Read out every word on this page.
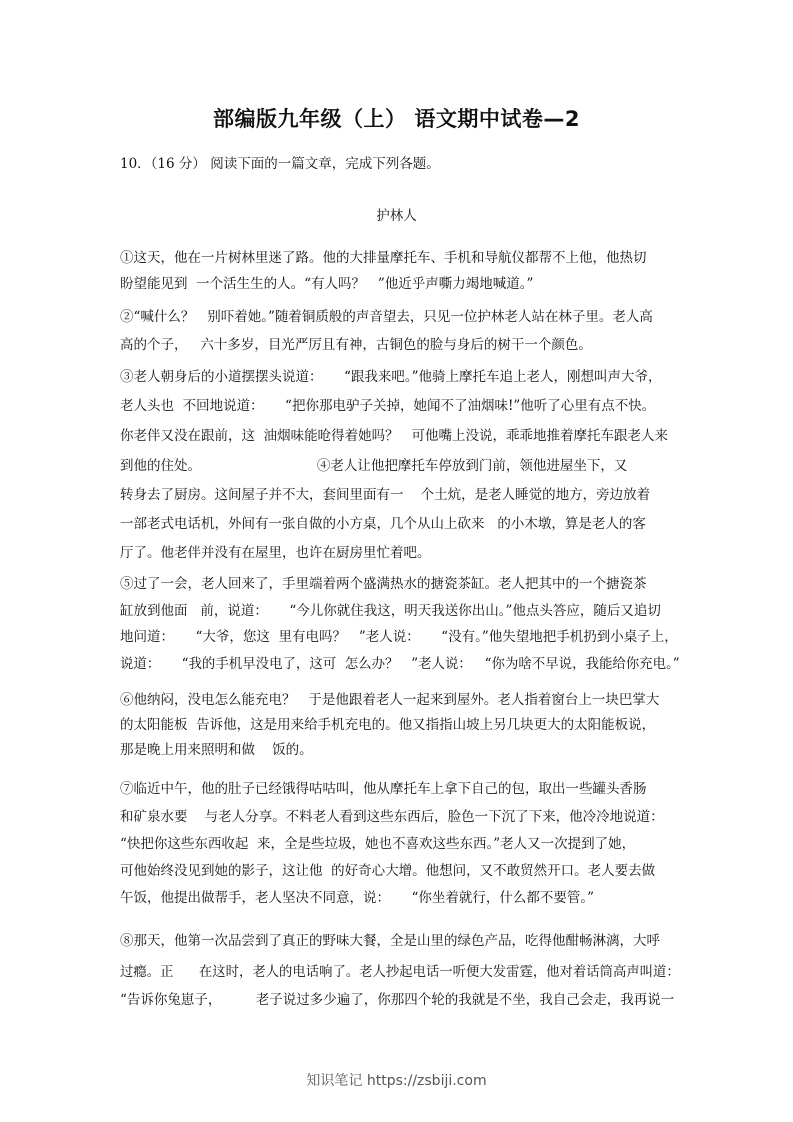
部编版九年级（上） 语文期中试卷—2
10．（16 分） 阅读下面的一篇文章，完成下列各题。
护林人
①这天，他在一片树林里迷了路。他的大排量摩托车、手机和导航仪都帮不上他，他热切
盼望能见到  一个活生生的人。“有人吗？   ”他近乎声嘶力竭地喊道。”
②“喊什么？   别吓着她。”随着铜质般的声音望去，只见一位护林老人站在林子里。老人高
高的个子，   六十多岁，目光严厉且有神，古铜色的脸与身后的树干一个颜色。
③老人朝身后的小道摆摆头说道：     “跟我来吧。”他骑上摩托车追上老人，刚想叫声大爷，
老人头也  不回地说道：     “把你那电驴子关掉，她闻不了油烟味!”他听了心里有点不快。
你老伴又没在跟前，这  油烟味能呛得着她吗？   可他嘴上没说，乖乖地推着摩托车跟老人来
到他的住处。                           ④老人让他把摩托车停放到门前，领他进屋坐下，又
转身去了厨房。这间屋子并不大，套间里面有一    个土炕，是老人睡觉的地方，旁边放着
一部老式电话机，外间有一张自做的小方桌，几个从山上砍来   的小木墩，算是老人的客
厅了。他老伴并没有在屋里，也许在厨房里忙着吧。
⑤过了一会，老人回来了，手里端着两个盛满热水的搪瓷茶缸。老人把其中的一个搪瓷茶
缸放到他面   前，说道：     “今儿你就住我这，明天我送你出山。”他点头答应，随后又追切
地问道：     “大爷，您这  里有电吗？   ”老人说：     “没有。”他失望地把手机扔到小桌子上，
说道：     “我的手机早没电了，这可  怎么办？   ”老人说：   “你为啥不早说，我能给你充电。”
⑥他纳闷，没电怎么能充电？   于是他跟着老人一起来到屋外。老人指着窗台上一块巴掌大
的太阳能板  告诉他，这是用来给手机充电的。他又指指山坡上另几块更大的太阳能板说，
那是晚上用来照明和做    饭的。
⑦临近中午，他的肚子已经饿得咕咕叫，他从摩托车上拿下自己的包，取出一些罐头香肠
和矿泉水要    与老人分享。不料老人看到这些东西后，脸色一下沉了下来，他冷冷地说道：
“快把你这些东西收起  来，全是些垃圾，她也不喜欢这些东西。”老人又一次提到了她，
可他始终没见到她的影子，这让他  的好奇心大增。他想问，又不敢贸然开口。老人要去做
午饭，他提出做帮手，老人坚决不同意，说：     “你坐着就行，什么都不要管。”
⑧那天，他第一次品尝到了真正的野味大餐，全是山里的绿色产品，吃得他酣畅淋漓，大呼
过瘾。正      在这时，老人的电话响了。老人抄起电话一听便大发雷霆，他对着话筒高声叫道：
“告诉你兔崽子，        老子说过多少遍了，你那四个轮的我就是不坐，我自己会走，我再说一
知识笔记 https://zsbiji.com
